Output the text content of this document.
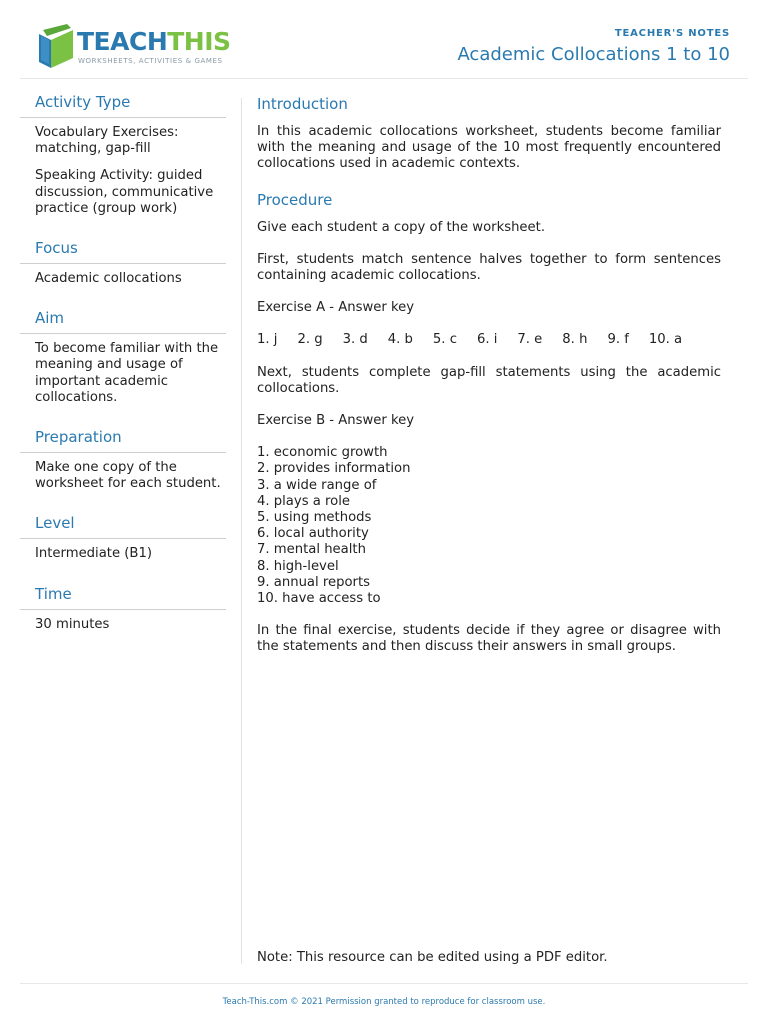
TEACHTHIS
WORKSHEETS, ACTIVITIES & GAMES
TEACHER'S NOTES
Academic Collocations 1 to 10
Activity Type

Vocabulary Exercises: matching, gap-fill

Speaking Activity: guided discussion, communicative practice (group work)

Focus
Academic collocations
Aim
To become familiar with the meaning and usage of important academic collocations.
Preparation
Make one copy of the worksheet for each student.
Level
Intermediate (B1)
Time
30 minutes
Introduction

In this academic collocations worksheet, students become familiar with the meaning and usage of the 10 most frequently encountered collocations used in academic contexts.

Procedure

Give each student a copy of the worksheet.

First, students match sentence halves together to form sentences containing academic collocations.

Exercise A - Answer key

1. j 2. g 3. d 4. b 5. c 6. i 7. e 8. h 9. f 10. a

Next, students complete gap-fill statements using the academic collocations.

Exercise B - Answer key

1. economic growth
2. provides information
3. a wide range of
4. plays a role
5. using methods
6. local authority
7. mental health
8. high-level
9. annual reports
10. have access to

In the final exercise, students decide if they agree or disagree with the statements and then discuss their answers in small groups.

Note: This resource can be edited using a PDF editor.
Teach-This.com © 2021 Permission granted to reproduce for classroom use.
